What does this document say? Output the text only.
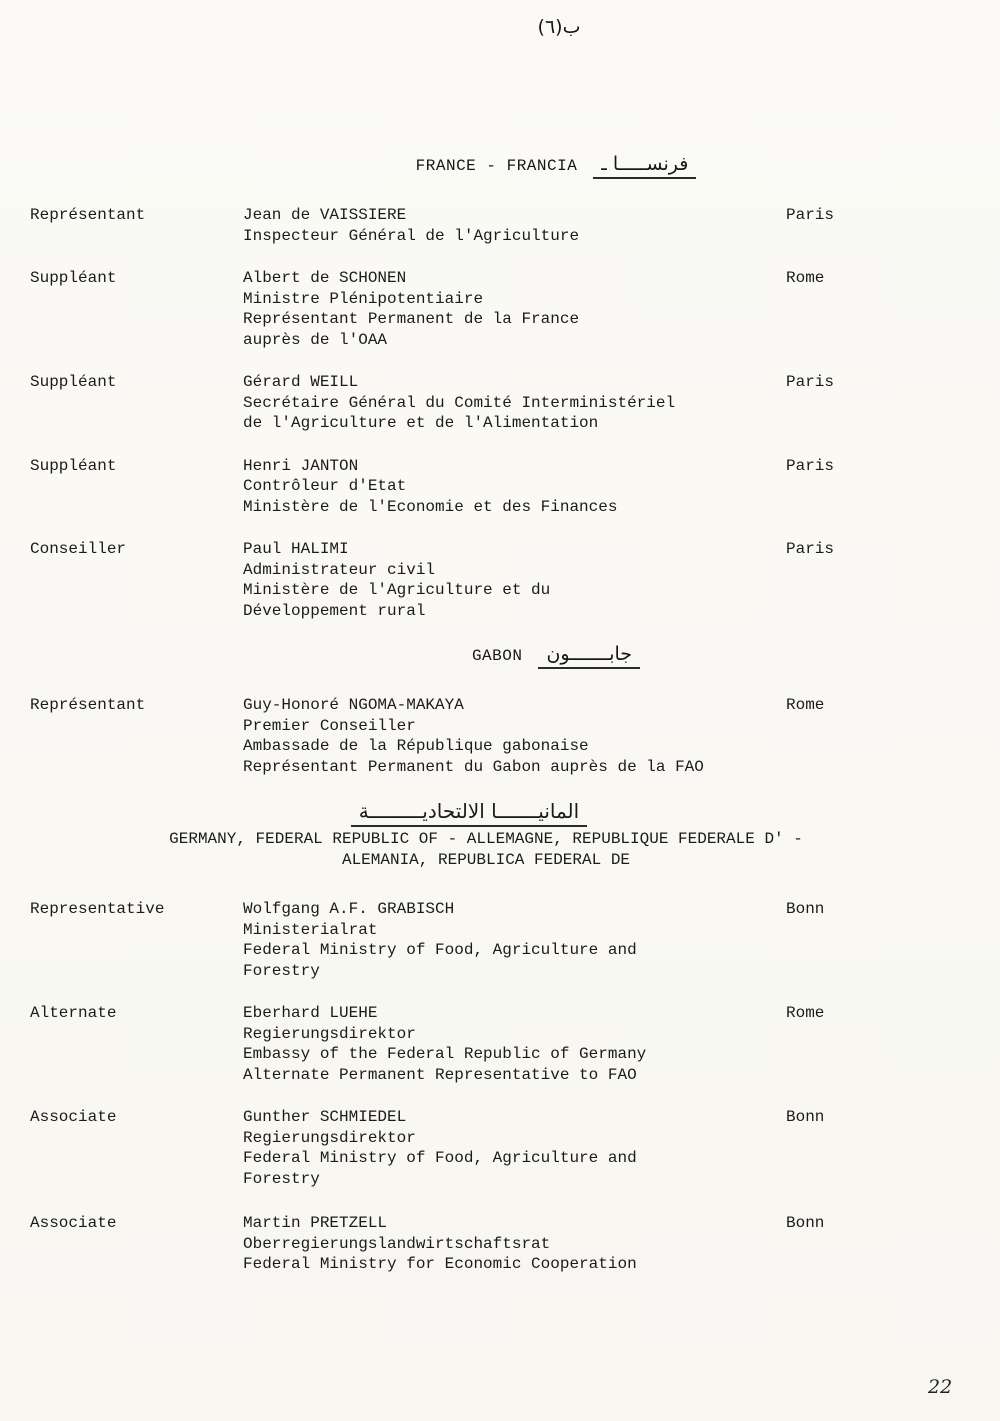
(٦)ب
FRANCE - FRANCIA فرنســـــا ـ
Représentant	Jean de VAISSIERE
Inspecteur Général de l'Agriculture
Paris
Suppléant	Albert de SCHONEN
Ministre Plénipotentiaire
Représentant Permanent de la France
auprès de l'OAA
Rome
Suppléant	Gérard WEILL
Secrétaire Général du Comité Interministériel
de l'Agriculture et de l'Alimentation
Paris
Suppléant	Henri JANTON
Contrôleur d'Etat
Ministère de l'Economie et des Finances
Paris
Conseiller	Paul HALIMI
Administrateur civil
Ministère de l'Agriculture et du
Développement rural
Paris
GABON جابـــــــون
Représentant	Guy-Honoré NGOMA-MAKAYA
Premier Conseiller
Ambassade de la République gabonaise
Représentant Permanent du Gabon auprès de la FAO
Rome
المانيـــــــا الالتحاديـــــــــة
GERMANY, FEDERAL REPUBLIC OF - ALLEMAGNE, REPUBLIQUE FEDERALE D' -
ALEMANIA, REPUBLICA FEDERAL DE
Representative	Wolfgang A.F. GRABISCH
Ministerialrat
Federal Ministry of Food, Agriculture and
Forestry
Bonn
Alternate	Eberhard LUEHE
Regierungsdirektor
Embassy of the Federal Republic of Germany
Alternate Permanent Representative to FAO
Rome
Associate	Gunther SCHMIEDEL
Regierungsdirektor
Federal Ministry of Food, Agriculture and
Forestry
Bonn
Associate	Martin PRETZELL
Oberregierungslandwirtschaftsrat
Federal Ministry for Economic Cooperation
Bonn
22
